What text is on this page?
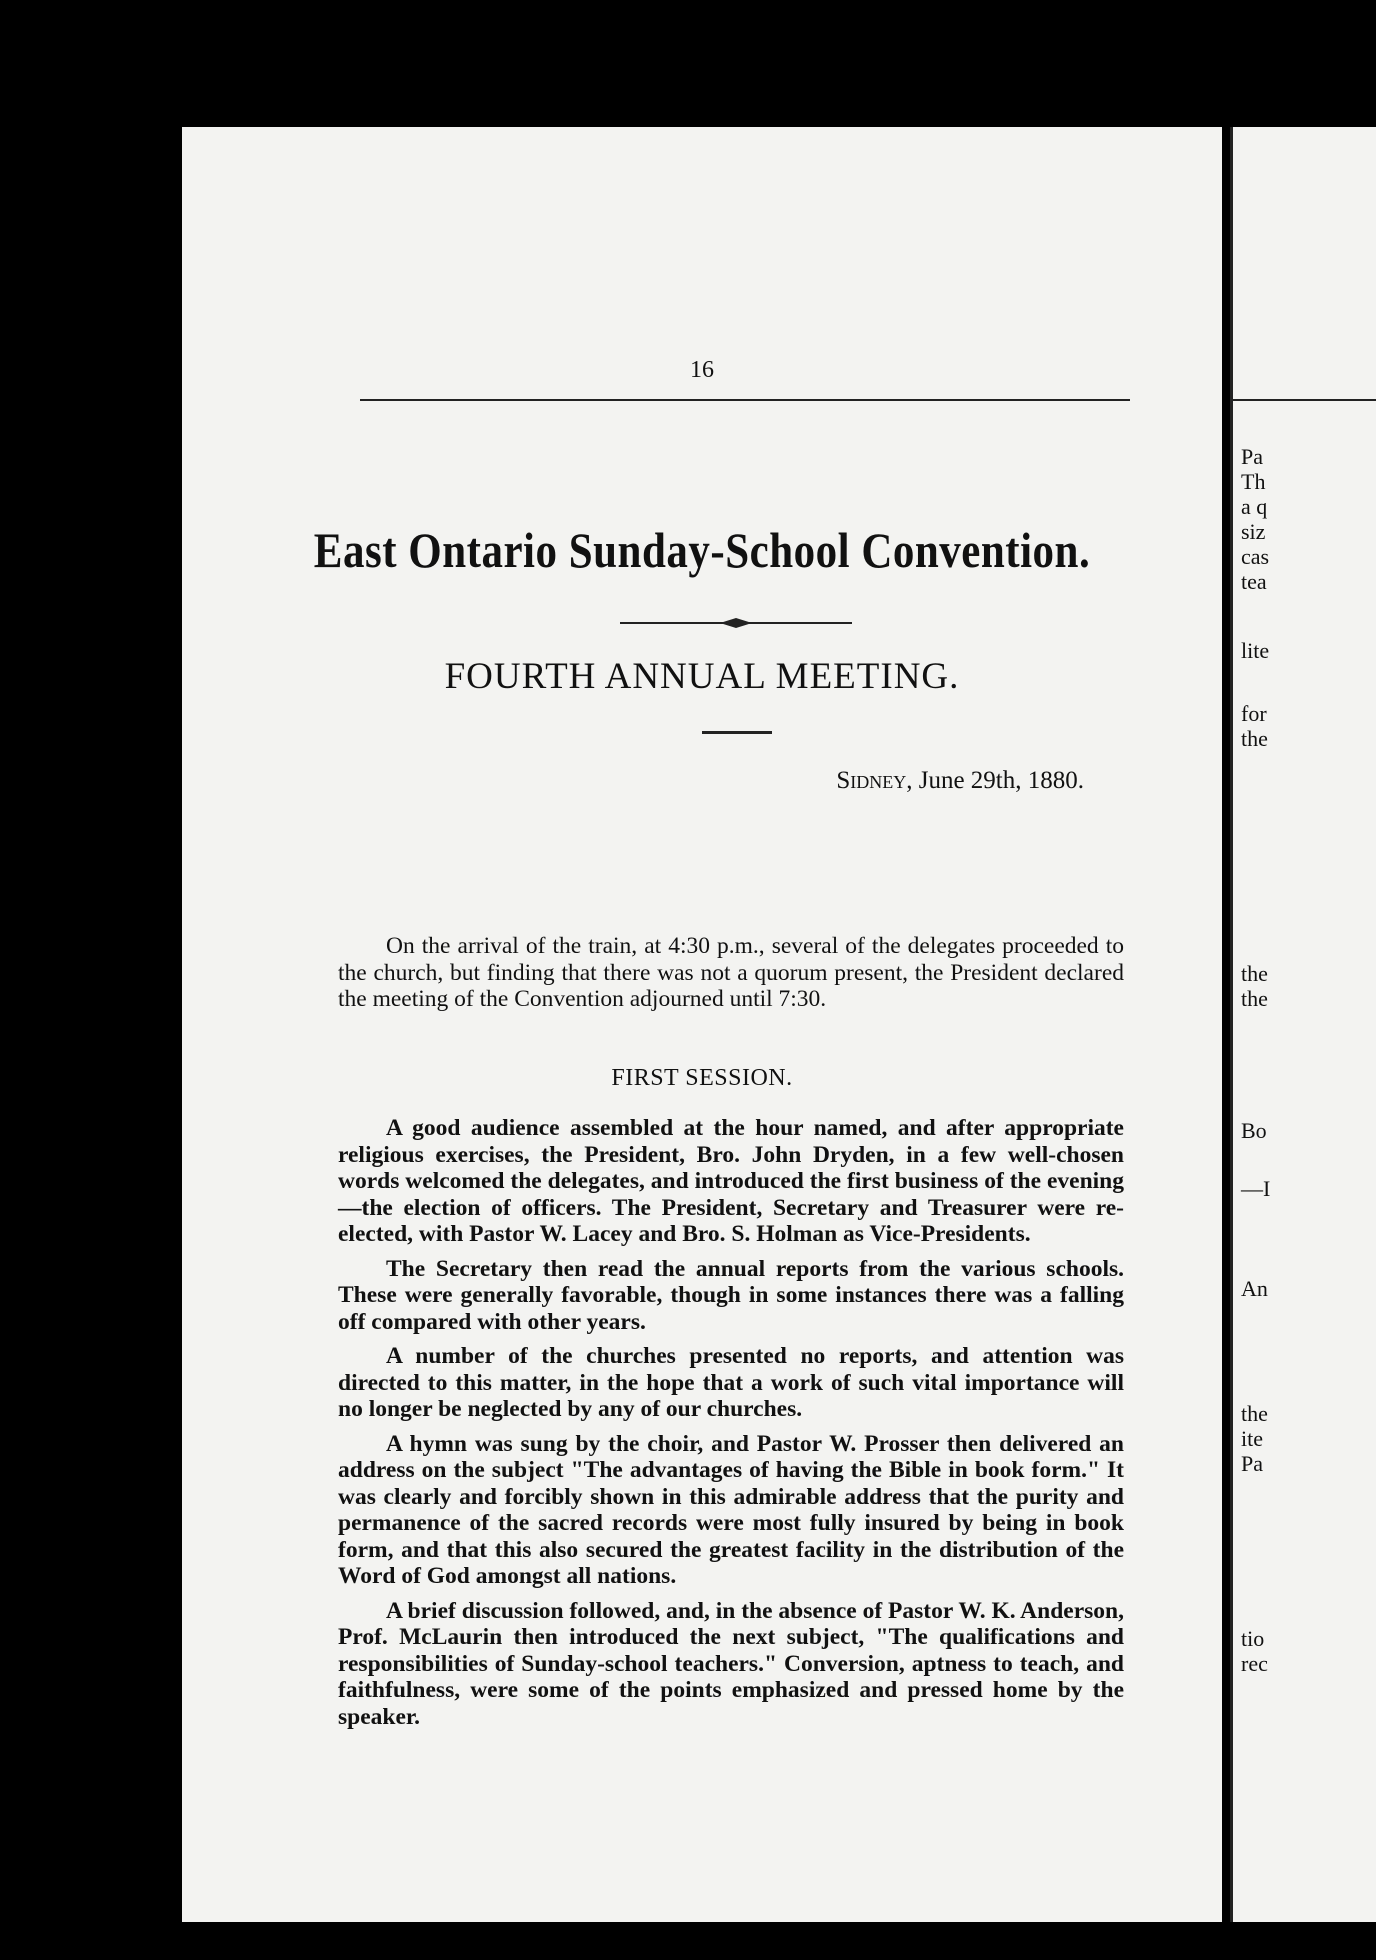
16
East Ontario Sunday-School Convention.
FOURTH ANNUAL MEETING.
Sidney, June 29th, 1880.

On the arrival of the train, at 4:30 p.m., several of the delegates proceeded to the church, but finding that there was not a quorum present, the President declared the meeting of the Convention adjourned until 7:30.

FIRST SESSION.

A good audience assembled at the hour named, and after appropriate religious exercises, the President, Bro. John Dryden, in a few well-chosen words welcomed the delegates, and introduced the first business of the evening—the election of officers. The President, Secretary and Treasurer were re-elected, with Pastor W. Lacey and Bro. S. Holman as Vice-Presidents.

The Secretary then read the annual reports from the various schools. These were generally favorable, though in some instances there was a falling off compared with other years.

A number of the churches presented no reports, and attention was directed to this matter, in the hope that a work of such vital importance will no longer be neglected by any of our churches.

A hymn was sung by the choir, and Pastor W. Prosser then delivered an address on the subject "The advantages of having the Bible in book form." It was clearly and forcibly shown in this admirable address that the purity and permanence of the sacred records were most fully insured by being in book form, and that this also secured the greatest facility in the distribution of the Word of God amongst all nations.

A brief discussion followed, and, in the absence of Pastor W. K. Anderson, Prof. McLaurin then introduced the next subject, "The qualifications and responsibilities of Sunday-school teachers." Conversion, aptness to teach, and faithfulness, were some of the points emphasized and pressed home by the speaker.

Pa
Th
a q
siz
cas
tea
lite
for
the
the
the
Bo
—I
An
the
ite
Pa
tio
rec
